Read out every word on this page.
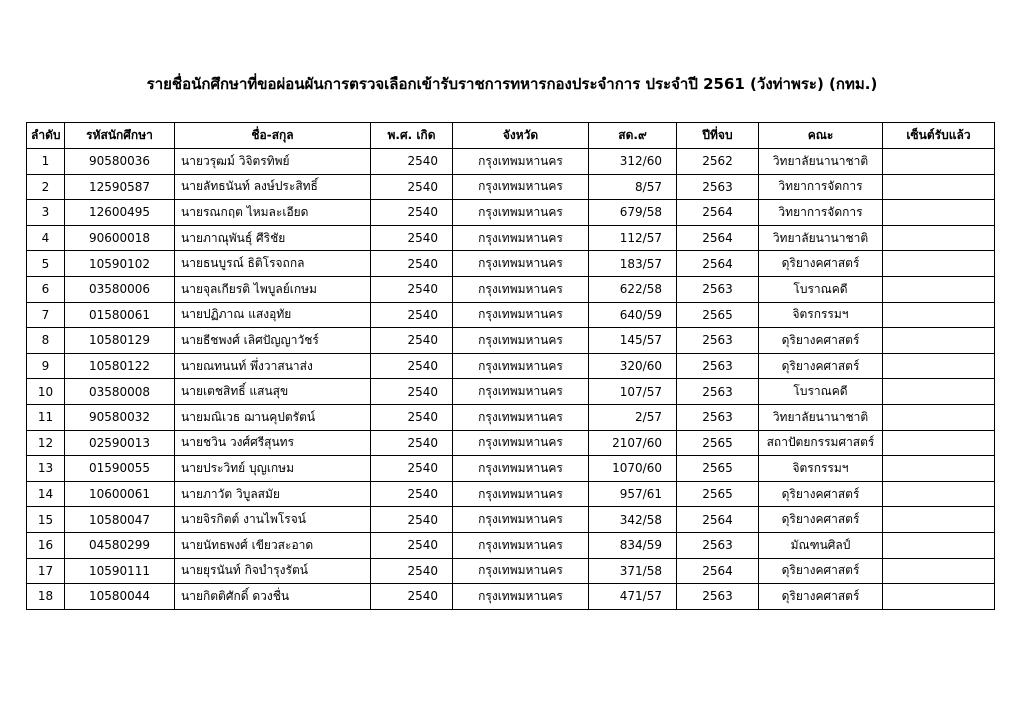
รายชื่อนักศึกษาที่ขอผ่อนผันการตรวจเลือกเข้ารับราชการทหารกองประจำการ ประจำปี 2561 (วังท่าพระ) (กทม.)
ลำดับ	รหัสนักศึกษา	ชื่อ-สกุล	พ.ศ. เกิด	จังหวัด	สด.๙	ปีที่จบ	คณะ	เซ็นต์รับแล้ว
1	90580036	นายวรุฒม์ วิจิตรทิพย์	2540	กรุงเทพมหานคร	312/60	2562	วิทยาลัยนานาชาติ	
2	12590587	นายลัทธนันท์ ลงษ์ประสิทธิ์	2540	กรุงเทพมหานคร	8/57	2563	วิทยาการจัดการ	
3	12600495	นายรณกฤต ไหมละเอียด	2540	กรุงเทพมหานคร	679/58	2564	วิทยาการจัดการ	
4	90600018	นายภาณุพันธุ์ ศีริชัย	2540	กรุงเทพมหานคร	112/57	2564	วิทยาลัยนานาชาติ	
5	10590102	นายธนบูรณ์ ธิติโรจถกล	2540	กรุงเทพมหานคร	183/57	2564	ดุริยางคศาสตร์	
6	03580006	นายจุลเกียรติ ไพบูลย์เกษม	2540	กรุงเทพมหานคร	622/58	2563	โบราณคดี	
7	01580061	นายปฏิภาณ แสงอุทัย	2540	กรุงเทพมหานคร	640/59	2565	จิตรกรรมฯ	
8	10580129	นายธีชพงศ์ เลิศปัญญาวัชร์	2540	กรุงเทพมหานคร	145/57	2563	ดุริยางคศาสตร์	
9	10580122	นายณทนนท์ พึ่งวาสนาส่ง	2540	กรุงเทพมหานคร	320/60	2563	ดุริยางคศาสตร์	
10	03580008	นายเตชสิทธิ์ แสนสุข	2540	กรุงเทพมหานคร	107/57	2563	โบราณคดี	
11	90580032	นายมณิเวธ ฌานคุปตรัตน์	2540	กรุงเทพมหานคร	2/57	2563	วิทยาลัยนานาชาติ	
12	02590013	นายชวิน วงศ์ศรีสุนทร	2540	กรุงเทพมหานคร	2107/60	2565	สถาปัตยกรรมศาสตร์	
13	01590055	นายประวิทย์ บุญเกษม	2540	กรุงเทพมหานคร	1070/60	2565	จิตรกรรมฯ	
14	10600061	นายภาวัต วิบูลสมัย	2540	กรุงเทพมหานคร	957/61	2565	ดุริยางคศาสตร์	
15	10580047	นายจิรกิตต์ งานไพโรจน์	2540	กรุงเทพมหานคร	342/58	2564	ดุริยางคศาสตร์	
16	04580299	นายนัทธพงศ์ เขียวสะอาด	2540	กรุงเทพมหานคร	834/59	2563	มัณฑนศิลป์	
17	10590111	นายยุรนันท์ กิจบำรุงรัตน์	2540	กรุงเทพมหานคร	371/58	2564	ดุริยางคศาสตร์	
18	10580044	นายกิตติศักดิ์ ดวงชื่น	2540	กรุงเทพมหานคร	471/57	2563	ดุริยางคศาสตร์	
